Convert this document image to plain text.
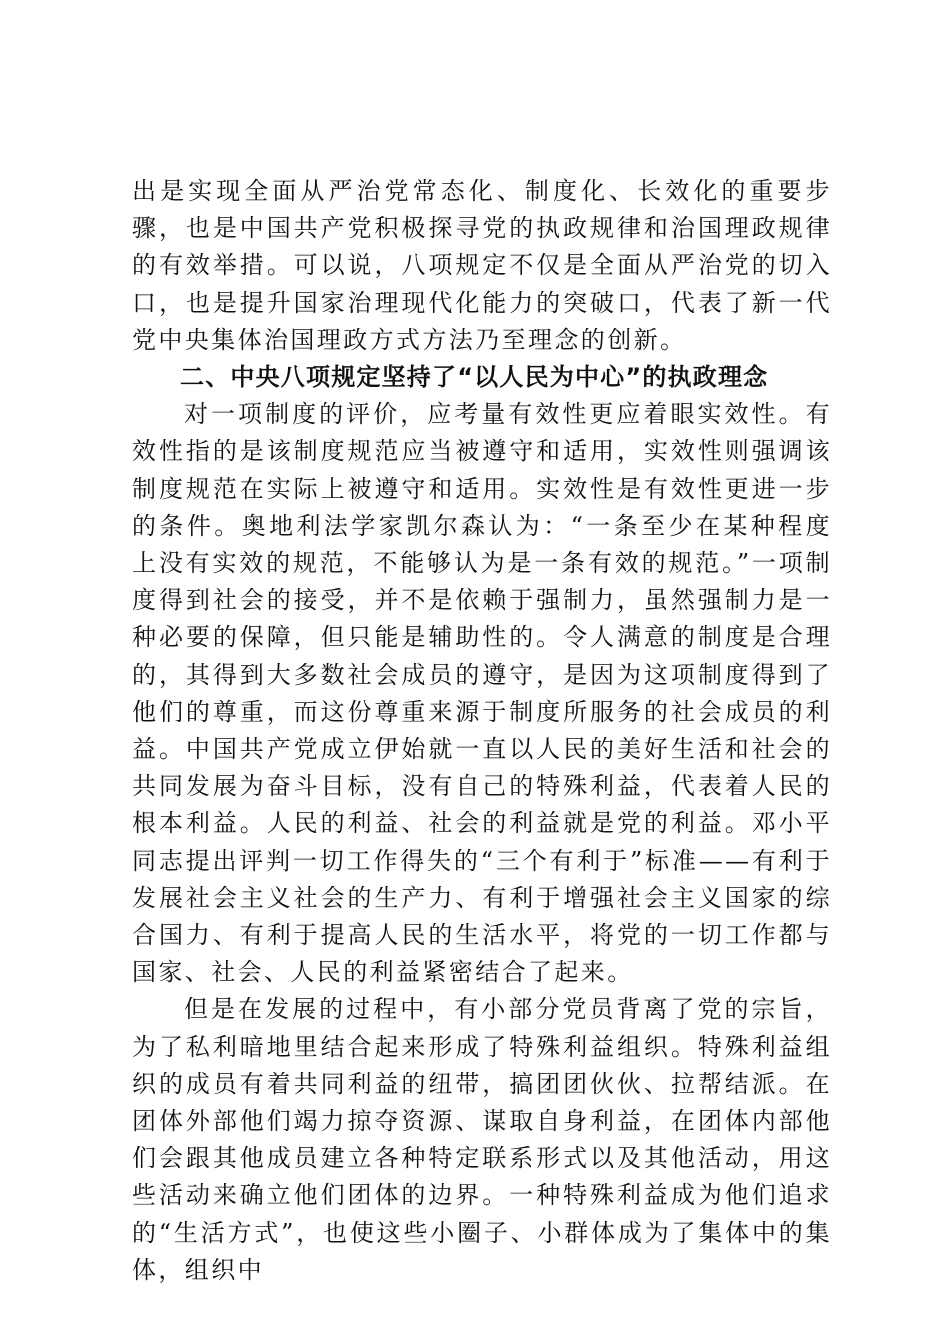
出是实现全面从严治党常态化、制度化、长效化的重要步骤，也是中国共产党积极探寻党的执政规律和治国理政规律的有效举措。可以说，八项规定不仅是全面从严治党的切入口，也是提升国家治理现代化能力的突破口，代表了新一代党中央集体治国理政方式方法乃至理念的创新。

二、中央八项规定坚持了“以人民为中心”的执政理念

对一项制度的评价，应考量有效性更应着眼实效性。有效性指的是该制度规范应当被遵守和适用，实效性则强调该制度规范在实际上被遵守和适用。实效性是有效性更进一步的条件。奥地利法学家凯尔森认为：“一条至少在某种程度上没有实效的规范，不能够认为是一条有效的规范。”一项制度得到社会的接受，并不是依赖于强制力，虽然强制力是一种必要的保障，但只能是辅助性的。令人满意的制度是合理的，其得到大多数社会成员的遵守，是因为这项制度得到了他们的尊重，而这份尊重来源于制度所服务的社会成员的利益。中国共产党成立伊始就一直以人民的美好生活和社会的共同发展为奋斗目标，没有自己的特殊利益，代表着人民的根本利益。人民的利益、社会的利益就是党的利益。邓小平同志提出评判一切工作得失的“三个有利于”标准——有利于发展社会主义社会的生产力、有利于增强社会主义国家的综合国力、有利于提高人民的生活水平，将党的一切工作都与国家、社会、人民的利益紧密结合了起来。

但是在发展的过程中，有小部分党员背离了党的宗旨，为了私利暗地里结合起来形成了特殊利益组织。特殊利益组织的成员有着共同利益的纽带，搞团团伙伙、拉帮结派。在团体外部他们竭力掠夺资源、谋取自身利益，在团体内部他们会跟其他成员建立各种特定联系形式以及其他活动，用这些活动来确立他们团体的边界。一种特殊利益成为他们追求的“生活方式”，也使这些小圈子、小群体成为了集体中的集体，组织中
